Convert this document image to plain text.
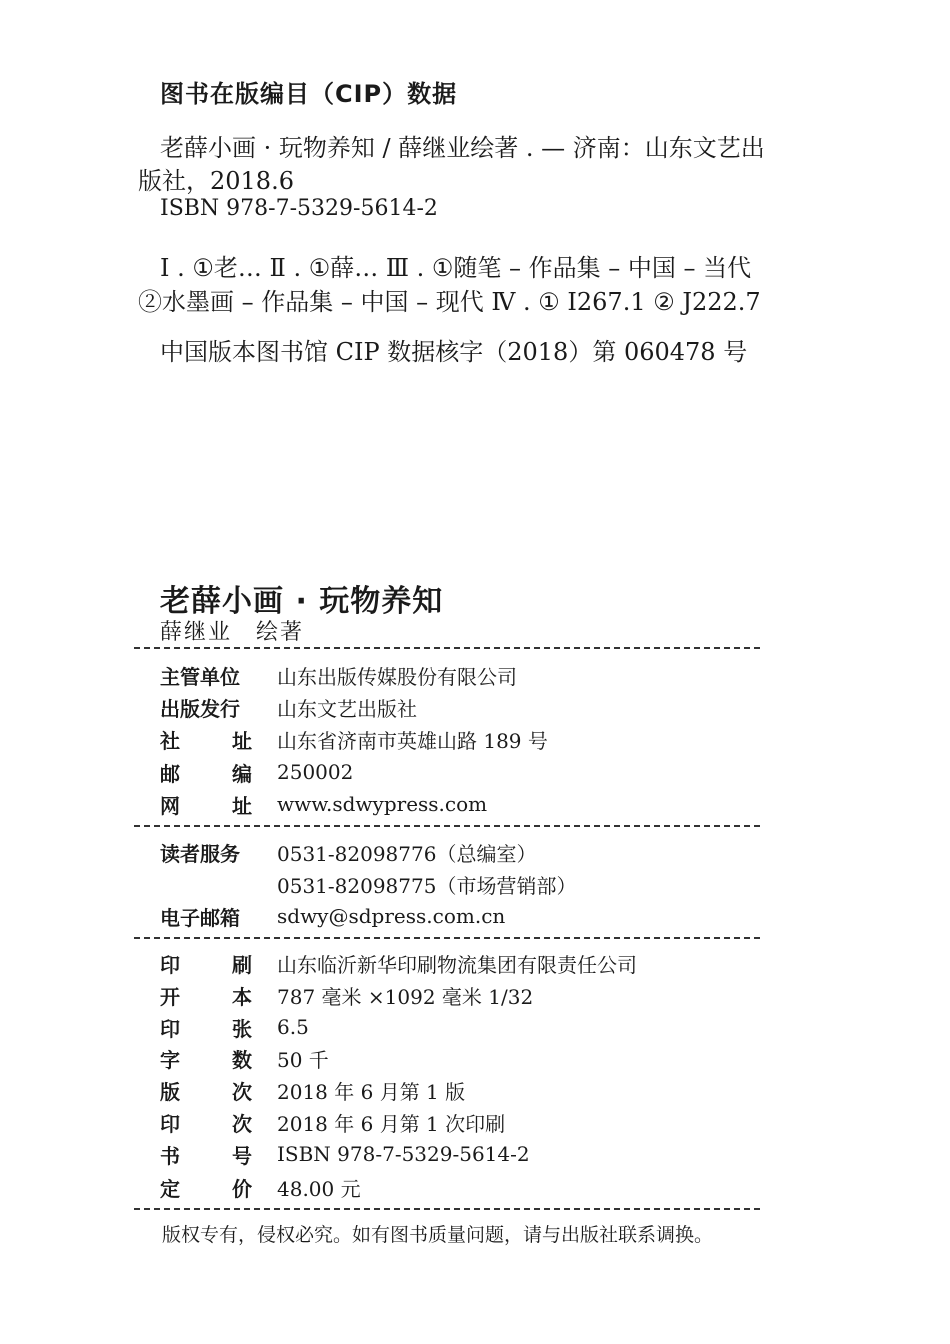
图书在版编目（CIP）数据
老薛小画 · 玩物养知 / 薛继业绘著 . — 济南：山东文艺出
版社，2018.6
ISBN 978-7-5329-5614-2
Ⅰ . ①老… Ⅱ . ①薛… Ⅲ . ①随笔 – 作品集 – 中国 – 当代
②水墨画 – 作品集 – 中国 – 现代 Ⅳ . ① I267.1 ② J222.7
中国版本图书馆 CIP 数据核字（2018）第 060478 号
老薛小画 · 玩物养知
薛继业　绘著
主管单位 山东出版传媒股份有限公司
出版发行 山东文艺出版社
社	址 山东省济南市英雄山路 189 号
邮	编 250002
网	址 www.sdwypress.com
读者服务 0531-82098776（总编室）
0531-82098775（市场营销部）
电子邮箱 sdwy@sdpress.com.cn
印	刷 山东临沂新华印刷物流集团有限责任公司
开	本 787 毫米 ×1092 毫米 1/32
印	张 6.5
字	数 50 千
版	次 2018 年 6 月第 1 版
印	次 2018 年 6 月第 1 次印刷
书	号 ISBN 978-7-5329-5614-2
定	价 48.00 元
版权专有，侵权必究。如有图书质量问题，请与出版社联系调换。
